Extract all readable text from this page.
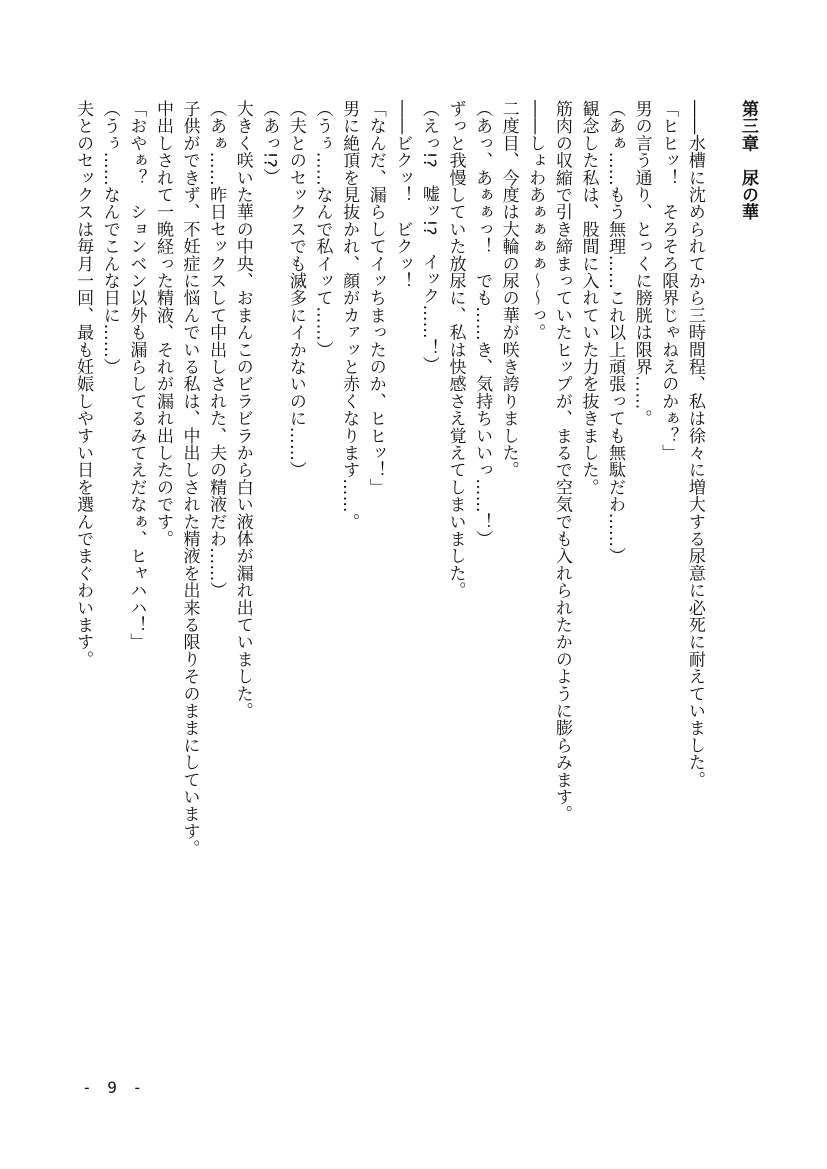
第三章　尿の華

――水槽に沈められてから三時間程、私は徐々に増大する尿意に必死に耐えていました。

「ヒヒッ！　そろそろ限界じゃねえのかぁ？」

男の言う通り、とっくに膀胱は限界……。

（あぁ……もう無理……これ以上頑張っても無駄だわ……）

観念した私は、股間に入れていた力を抜きました。

筋肉の収縮で引き締まっていたヒップが、まるで空気でも入れられたかのように膨らみます。

――しょわあぁぁぁぁ～～っ。

二度目、今度は大輪の尿の華が咲き誇りました。

（あっ、あぁぁっ！　でも……き、気持ちいいっ……！）

ずっと我慢していた放尿に、私は快感さえ覚えてしまいました。

（えっ!?　嘘ッ!?　イック……！）

――ビクッ！　ビクッ！

「なんだ、漏らしてイッちまったのか、ヒヒッ！」

男に絶頂を見抜かれ、顔がカァッと赤くなります……。

（うぅ……なんで私イッて……）

（夫とのセックスでも滅多にイかないのに……）

（あっ!?）

大きく咲いた華の中央、おまんこのビラビラから白い液体が漏れ出ていました。

（あぁ……昨日セックスして中出しされた、夫の精液だわ……）

子供ができず、不妊症に悩んでいる私は、中出しされた精液を出来る限りそのままにしています。

中出しされて一晩経った精液、それが漏れ出したのです。

「おやぁ？　ションベン以外も漏らしてるみてえだなぁ、ヒャハハ！」

（うぅ……なんでこんな日に……）

夫とのセックスは毎月一回、最も妊娠しやすい日を選んでまぐわいます。

- 9 -
